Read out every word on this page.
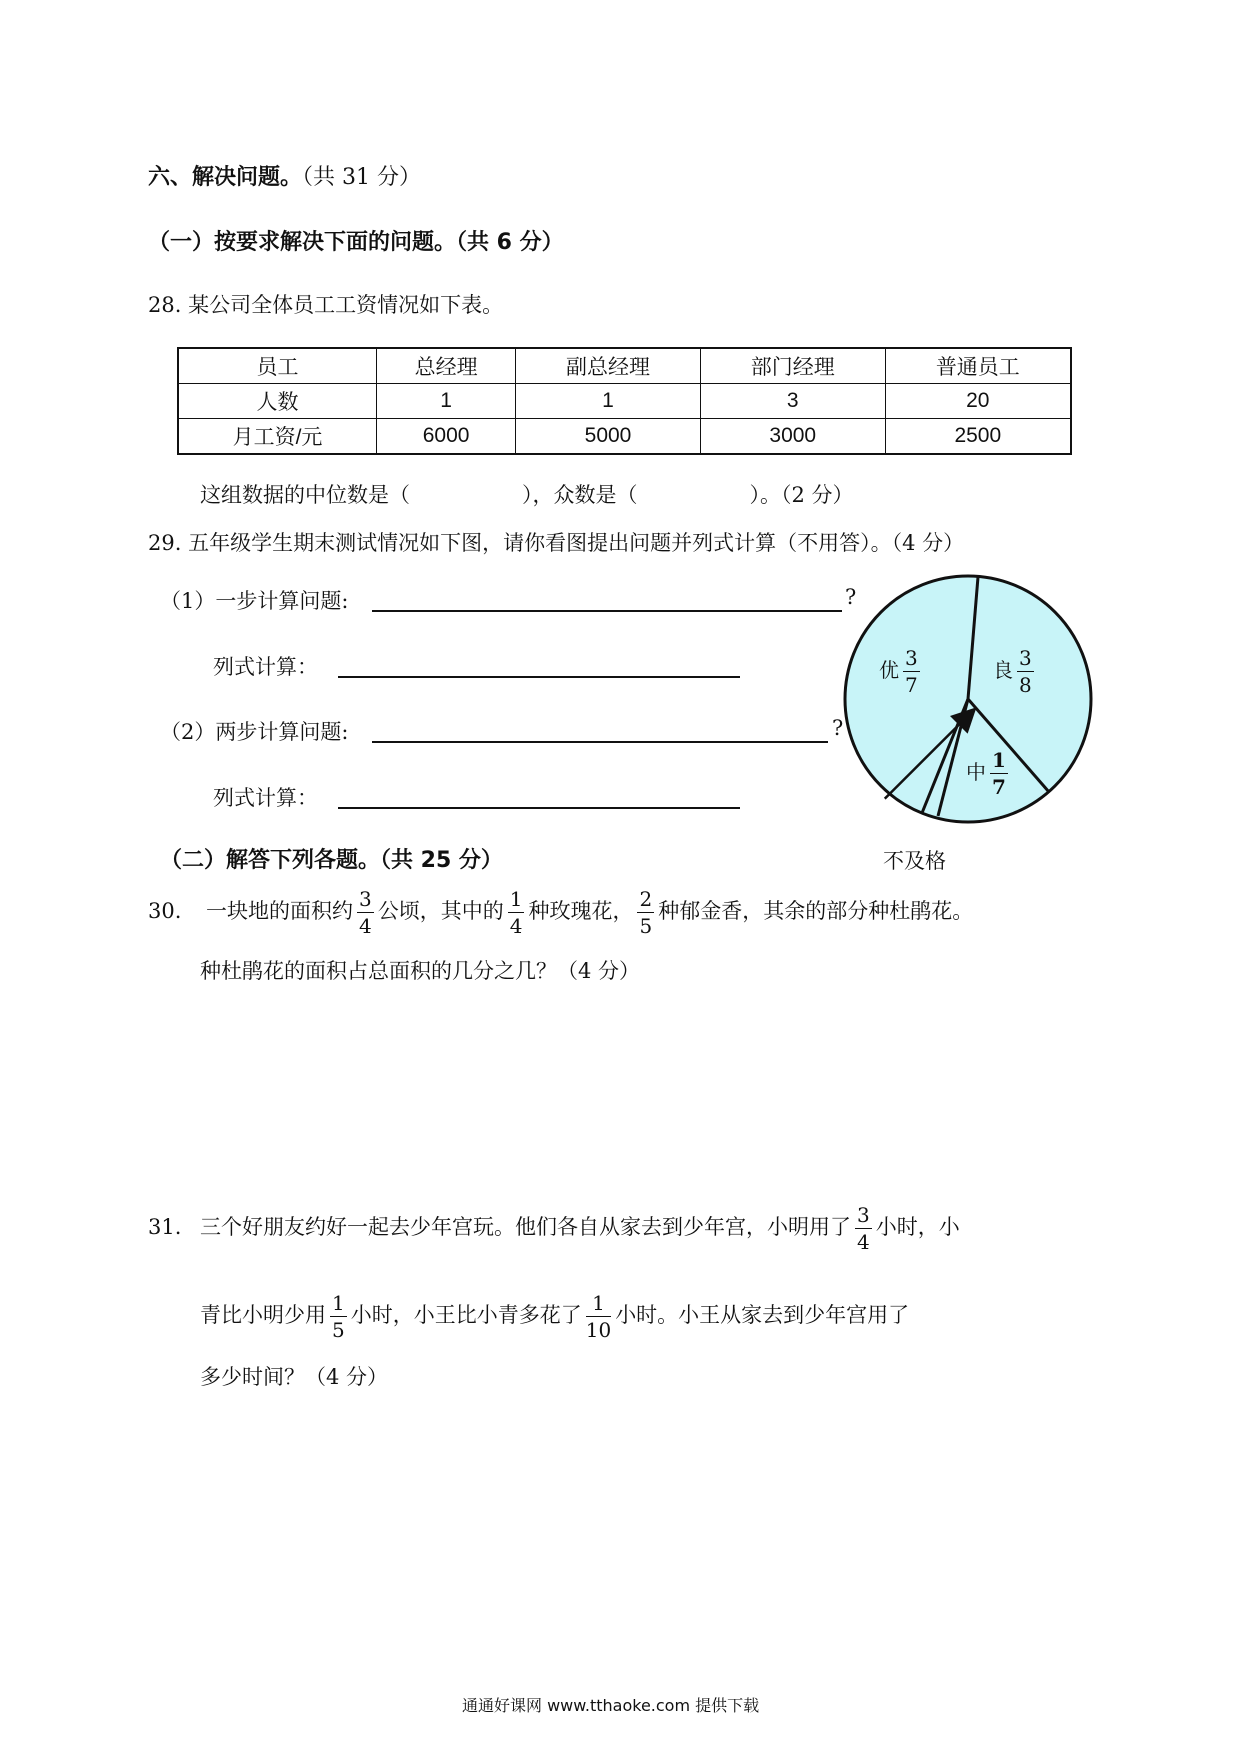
六、解决问题。（共 31 分）
（一）按要求解决下面的问题。（共 6 分）
28. 某公司全体员工工资情况如下表。
员工	总经理	副总经理	部门经理	普通员工
人数	1	1	3	20
月工资/元	6000	5000	3000	2500
这组数据的中位数是（	），众数是（	）。（2 分）
29. 五年级学生期末测试情况如下图，请你看图提出问题并列式计算（不用答）。（4 分）
（1）一步计算问题:	?
列式计算：
（2）两步计算问题:	?
列式计算：
优 $\frac{3}{7}$	良 $\frac{3}{8}$
中 $\frac{1}{7}$
不及格
（二）解答下列各题。（共 25 分）
30. 一块地的面积约 $\frac{3}{4}$ 公顷，其中的 $\frac{1}{4}$ 种玫瑰花， $\frac{2}{5}$ 种郁金香，其余的部分种杜鹃花。
种杜鹃花的面积占总面积的几分之几？（4 分）
31. 三个好朋友约好一起去少年宫玩。他们各自从家去到少年宫，小明用了 $\frac{3}{4}$ 小时，小
青比小明少用 $\frac{1}{5}$ 小时，小王比小青多花了 $\frac{1}{10}$ 小时。小王从家去到少年宫用了
多少时间？（4 分）
通通好课网 www.tthaoke.com 提供下载
